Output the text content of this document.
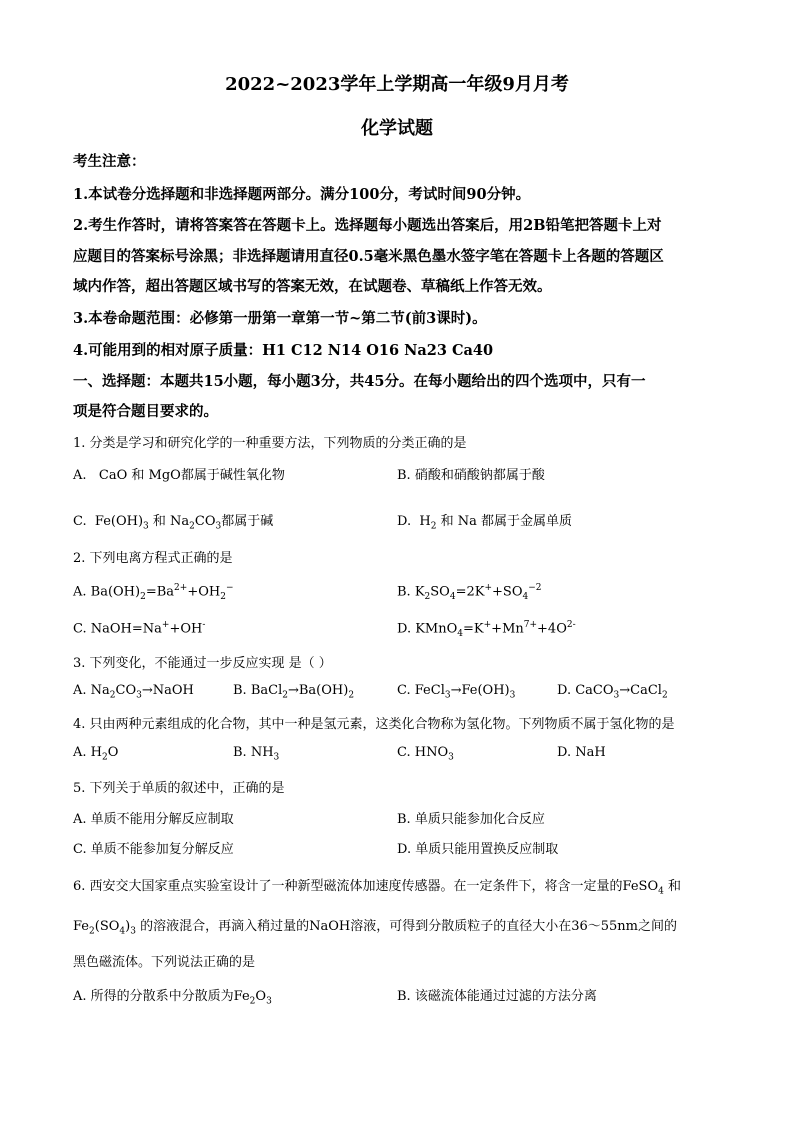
2022~2023学年上学期高一年级9月月考
化学试题
考生注意：
1.本试卷分选择题和非选择题两部分。满分100分，考试时间90分钟。
2.考生作答时，请将答案答在答题卡上。选择题每小题选出答案后，用2B铅笔把答题卡上对
应题目的答案标号涂黑；非选择题请用直径0.5毫米黑色墨水签字笔在答题卡上各题的答题区
域内作答，超出答题区域书写的答案无效，在试题卷、草稿纸上作答无效。
3.本卷命题范围：必修第一册第一章第一节~第二节(前3课时)。
4.可能用到的相对原子质量：H1 C12 N14 O16 Na23 Ca40
一、选择题：本题共15小题，每小题3分，共45分。在每小题给出的四个选项中，只有一
项是符合题目要求的。
1. 分类是学习和研究化学的一种重要方法，下列物质的分类正确的是
A.   CaO 和 MgO都属于碱性氧化物	B. 硝酸和硝酸钠都属于酸
C.  $Fe(OH)_3$ 和 $Na_2CO_3$都属于碱	D.  $H_2$ 和 Na 都属于金属单质
2. 下列电离方程式正确的是
A. $Ba(OH)_2=Ba^{2+}+OH_2^-$	B. $K_2SO_4=2K^++SO_4^{-2}$
C. NaOH=Na++OH-	D. $KMnO_4=K^++Mn^{7+}+4O^{2-}$
3. 下列变化，不能通过一步反应实现 是（ ）
A. $Na_2CO_3\to NaOH$	B. $BaCl_2\to Ba(OH)_2$	C. $FeCl_3\to Fe(OH)_3$	D. CaCO$_3$→CaCl$_2$
4. 只由两种元素组成的化合物，其中一种是氢元素，这类化合物称为氢化物。下列物质不属于氢化物的是
A. $H_2O$	B. $NH_3$	C. $HNO_3$	D. NaH
5. 下列关于单质的叙述中，正确的是
A. 单质不能用分解反应制取	B. 单质只能参加化合反应
C. 单质不能参加复分解反应	D. 单质只能用置换反应制取
6. 西安交大国家重点实验室设计了一种新型磁流体加速度传感器。在一定条件下，将含一定量的FeSO$_4$ 和
$Fe_2(SO_4)_3$ 的溶液混合，再滴入稍过量的NaOH溶液，可得到分散质粒子的直径大小在36～55nm之间的
黑色磁流体。下列说法正确的是
A. 所得的分散系中分散质为$Fe_2O_3$	B. 该磁流体能通过过滤的方法分离
